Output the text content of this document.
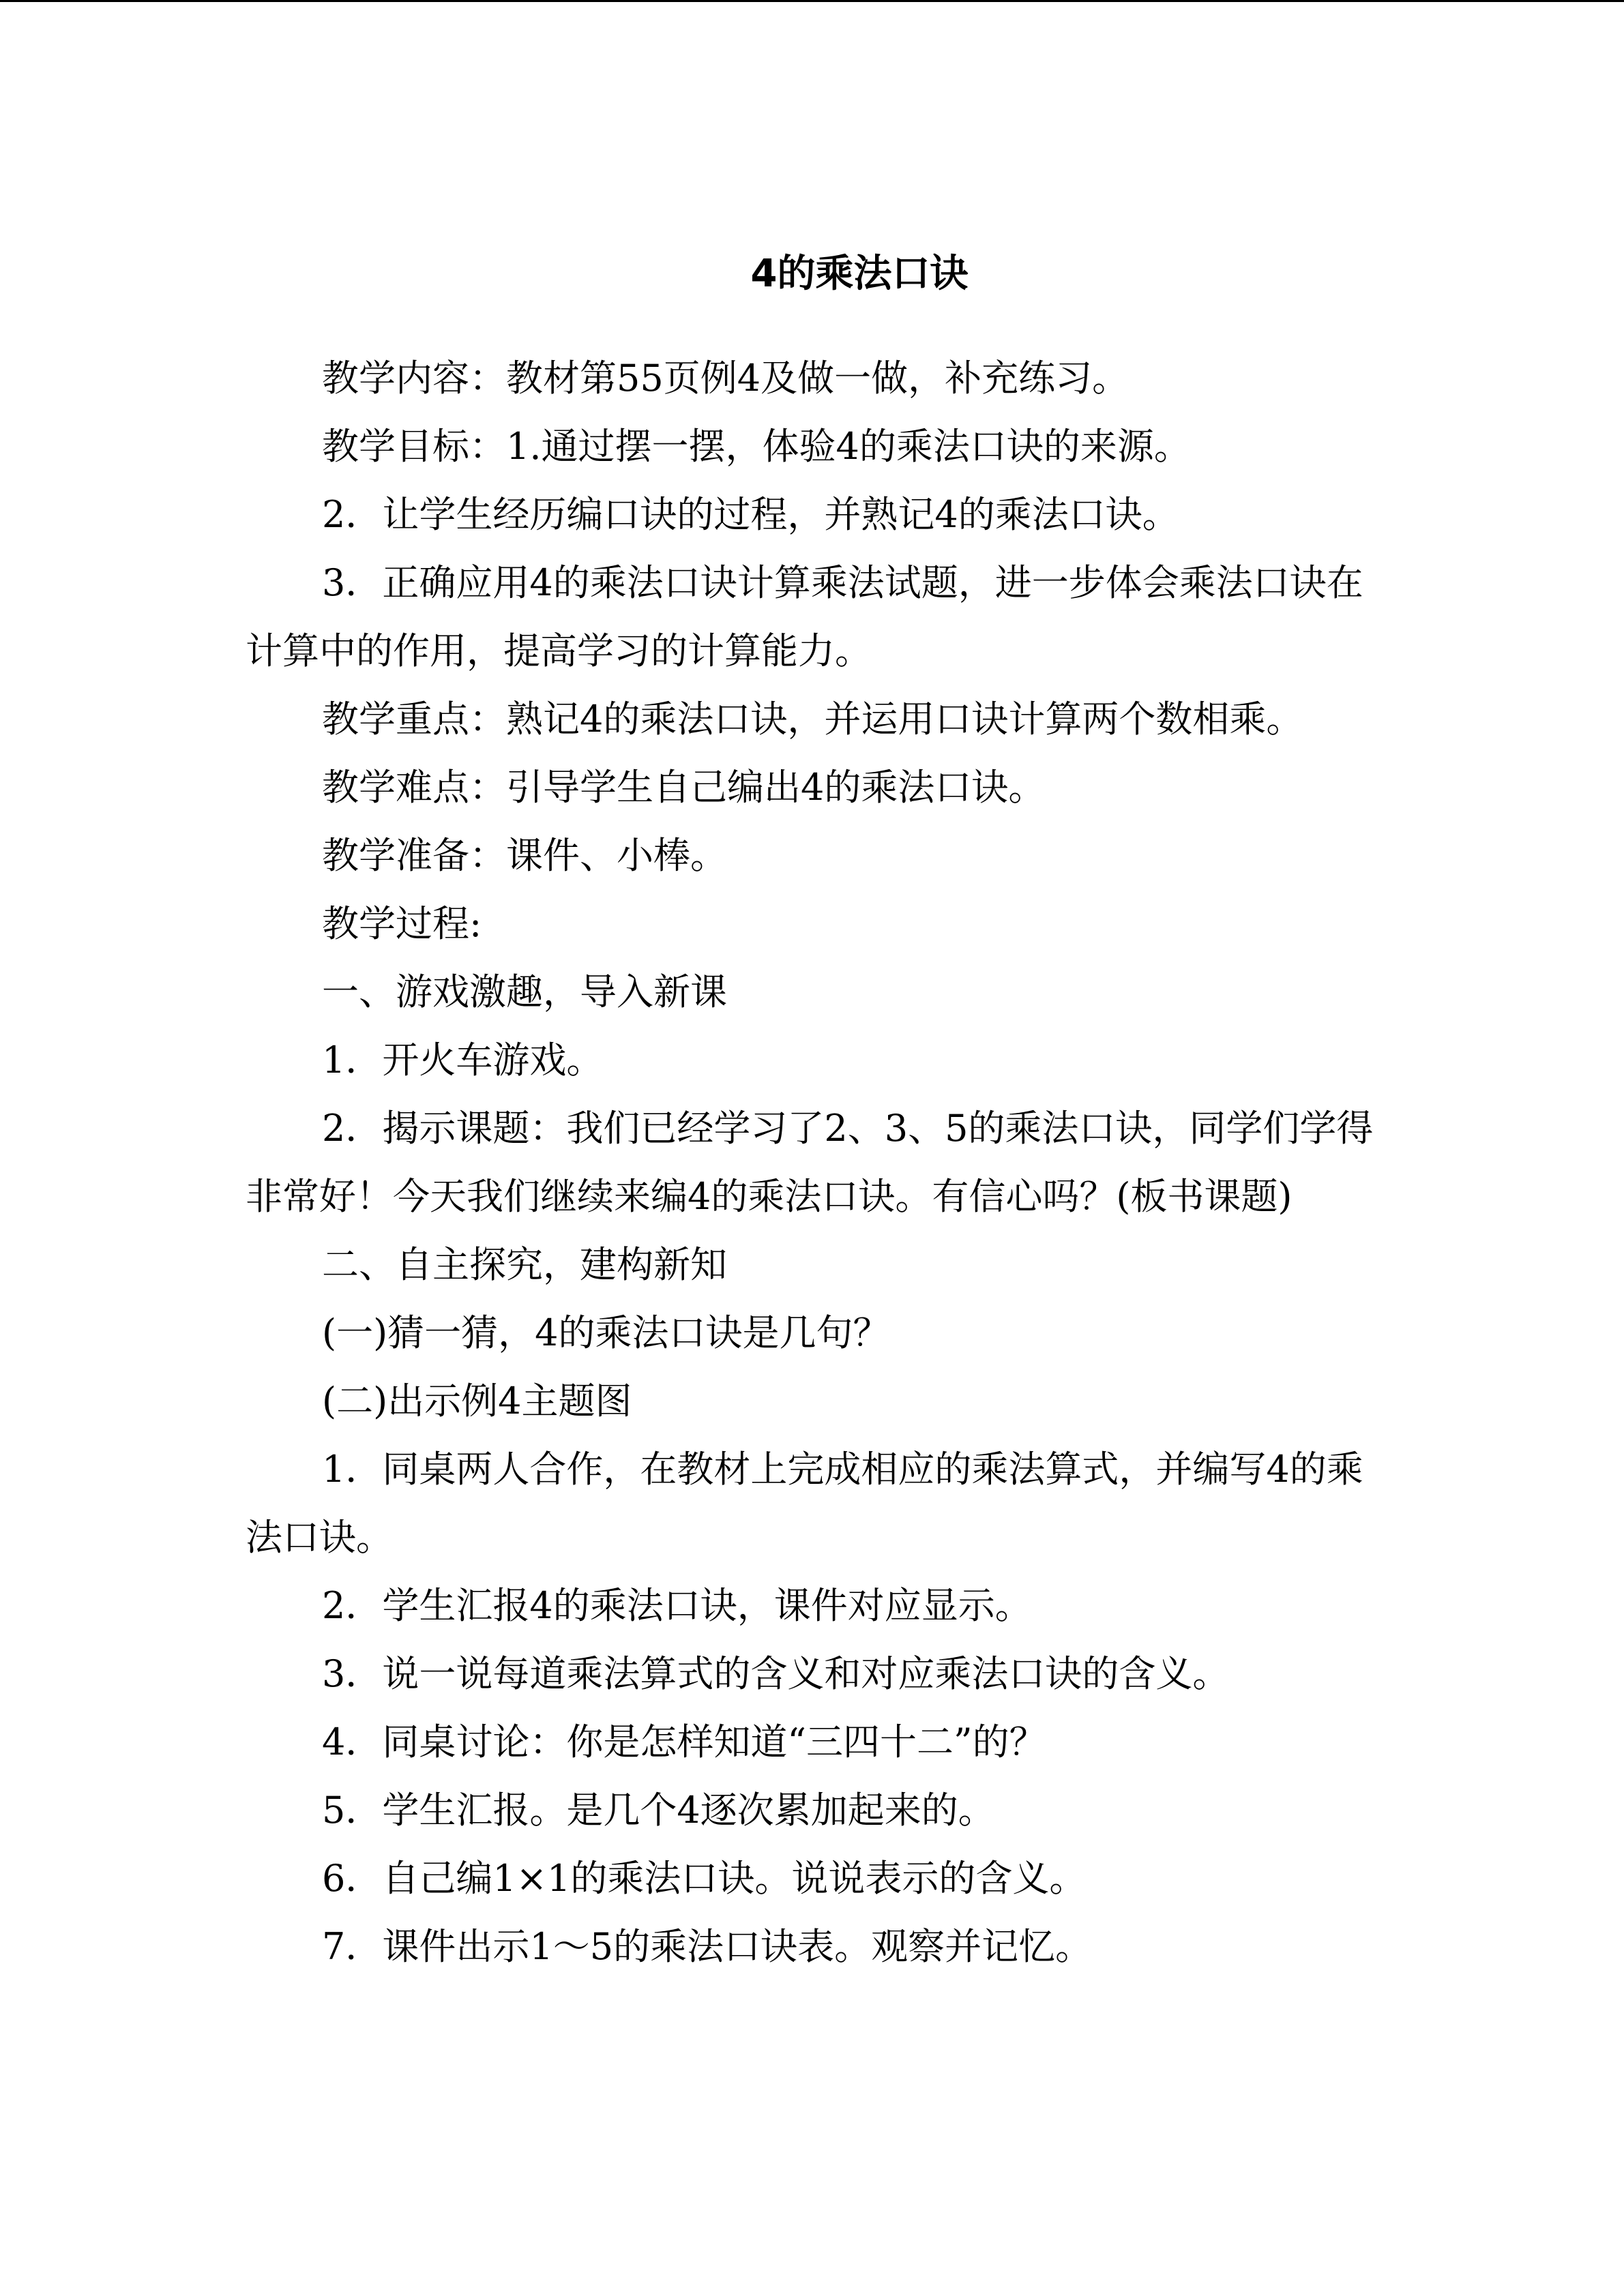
4的乘法口诀

教学内容：教材第55页例4及做一做，补充练习。

教学目标：1.通过摆一摆，体验4的乘法口诀的来源。

2．让学生经历编口诀的过程，并熟记4的乘法口诀。

3．正确应用4的乘法口诀计算乘法试题，进一步体会乘法口诀在计算中的作用，提高学习的计算能力。

教学重点：熟记4的乘法口诀，并运用口诀计算两个数相乘。

教学难点：引导学生自己编出4的乘法口诀。

教学准备：课件、小棒。

教学过程:

一、游戏激趣，导入新课

1．开火车游戏。

2．揭示课题：我们已经学习了2、3、5的乘法口诀，同学们学得非常好！今天我们继续来编4的乘法口诀。有信心吗？(板书课题)

二、自主探究，建构新知

(一)猜一猜，4的乘法口诀是几句？

(二)出示例4主题图

1．同桌两人合作，在教材上完成相应的乘法算式，并编写4的乘法口诀。

2．学生汇报4的乘法口诀，课件对应显示。

3．说一说每道乘法算式的含义和对应乘法口诀的含义。

4．同桌讨论：你是怎样知道“三四十二”的？

5．学生汇报。是几个4逐次累加起来的。

6．自己编1×1的乘法口诀。说说表示的含义。

7．课件出示1～5的乘法口诀表。观察并记忆。
